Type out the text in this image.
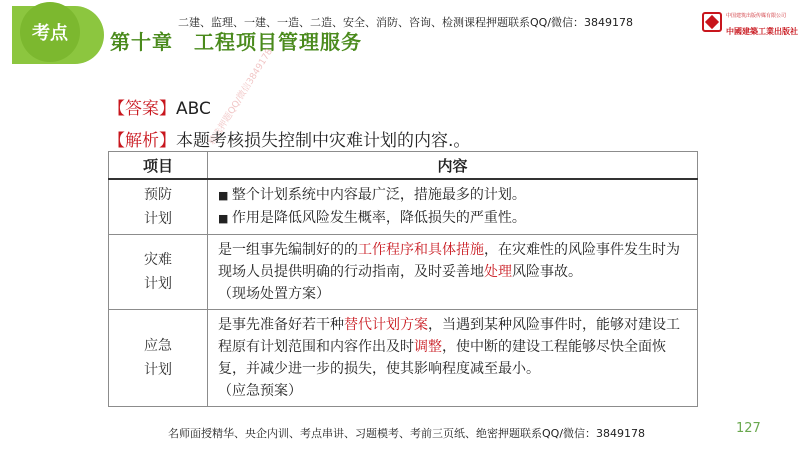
考点 第十章　工程项目管理服务
二建、监理、一建、一造、二造、安全、消防、咨询、检测课程押题联系QQ/微信：3849178	中国建筑出版传媒有限公司
中國建築工業出版社
精选押题QQ/微信3849178
【答案】ABC
【解析】本题考核损失控制中灾难计划的内容.。
项目	内容
预防
计划	■ 整个计划系统中内容最广泛，措施最多的计划。
■ 作用是降低风险发生概率，降低损失的严重性。

灾难
计划	是一组事先编制好的的工作程序和具体措施，在灾难性的风险事件发生时为现场人员提供明确的行动指南，及时妥善地处理风险事故。
（现场处置方案）
应急
计划	是事先准备好若干种替代计划方案，当遇到某种风险事件时，能够对建设工程原有计划范围和内容作出及时调整，使中断的建设工程能够尽快全面恢复，并减少进一步的损失，使其影响程度减至最小。
（应急预案）
名师面授精华、央企内训、考点串讲、习题模考、考前三页纸、绝密押题联系QQ/微信：3849178	127
